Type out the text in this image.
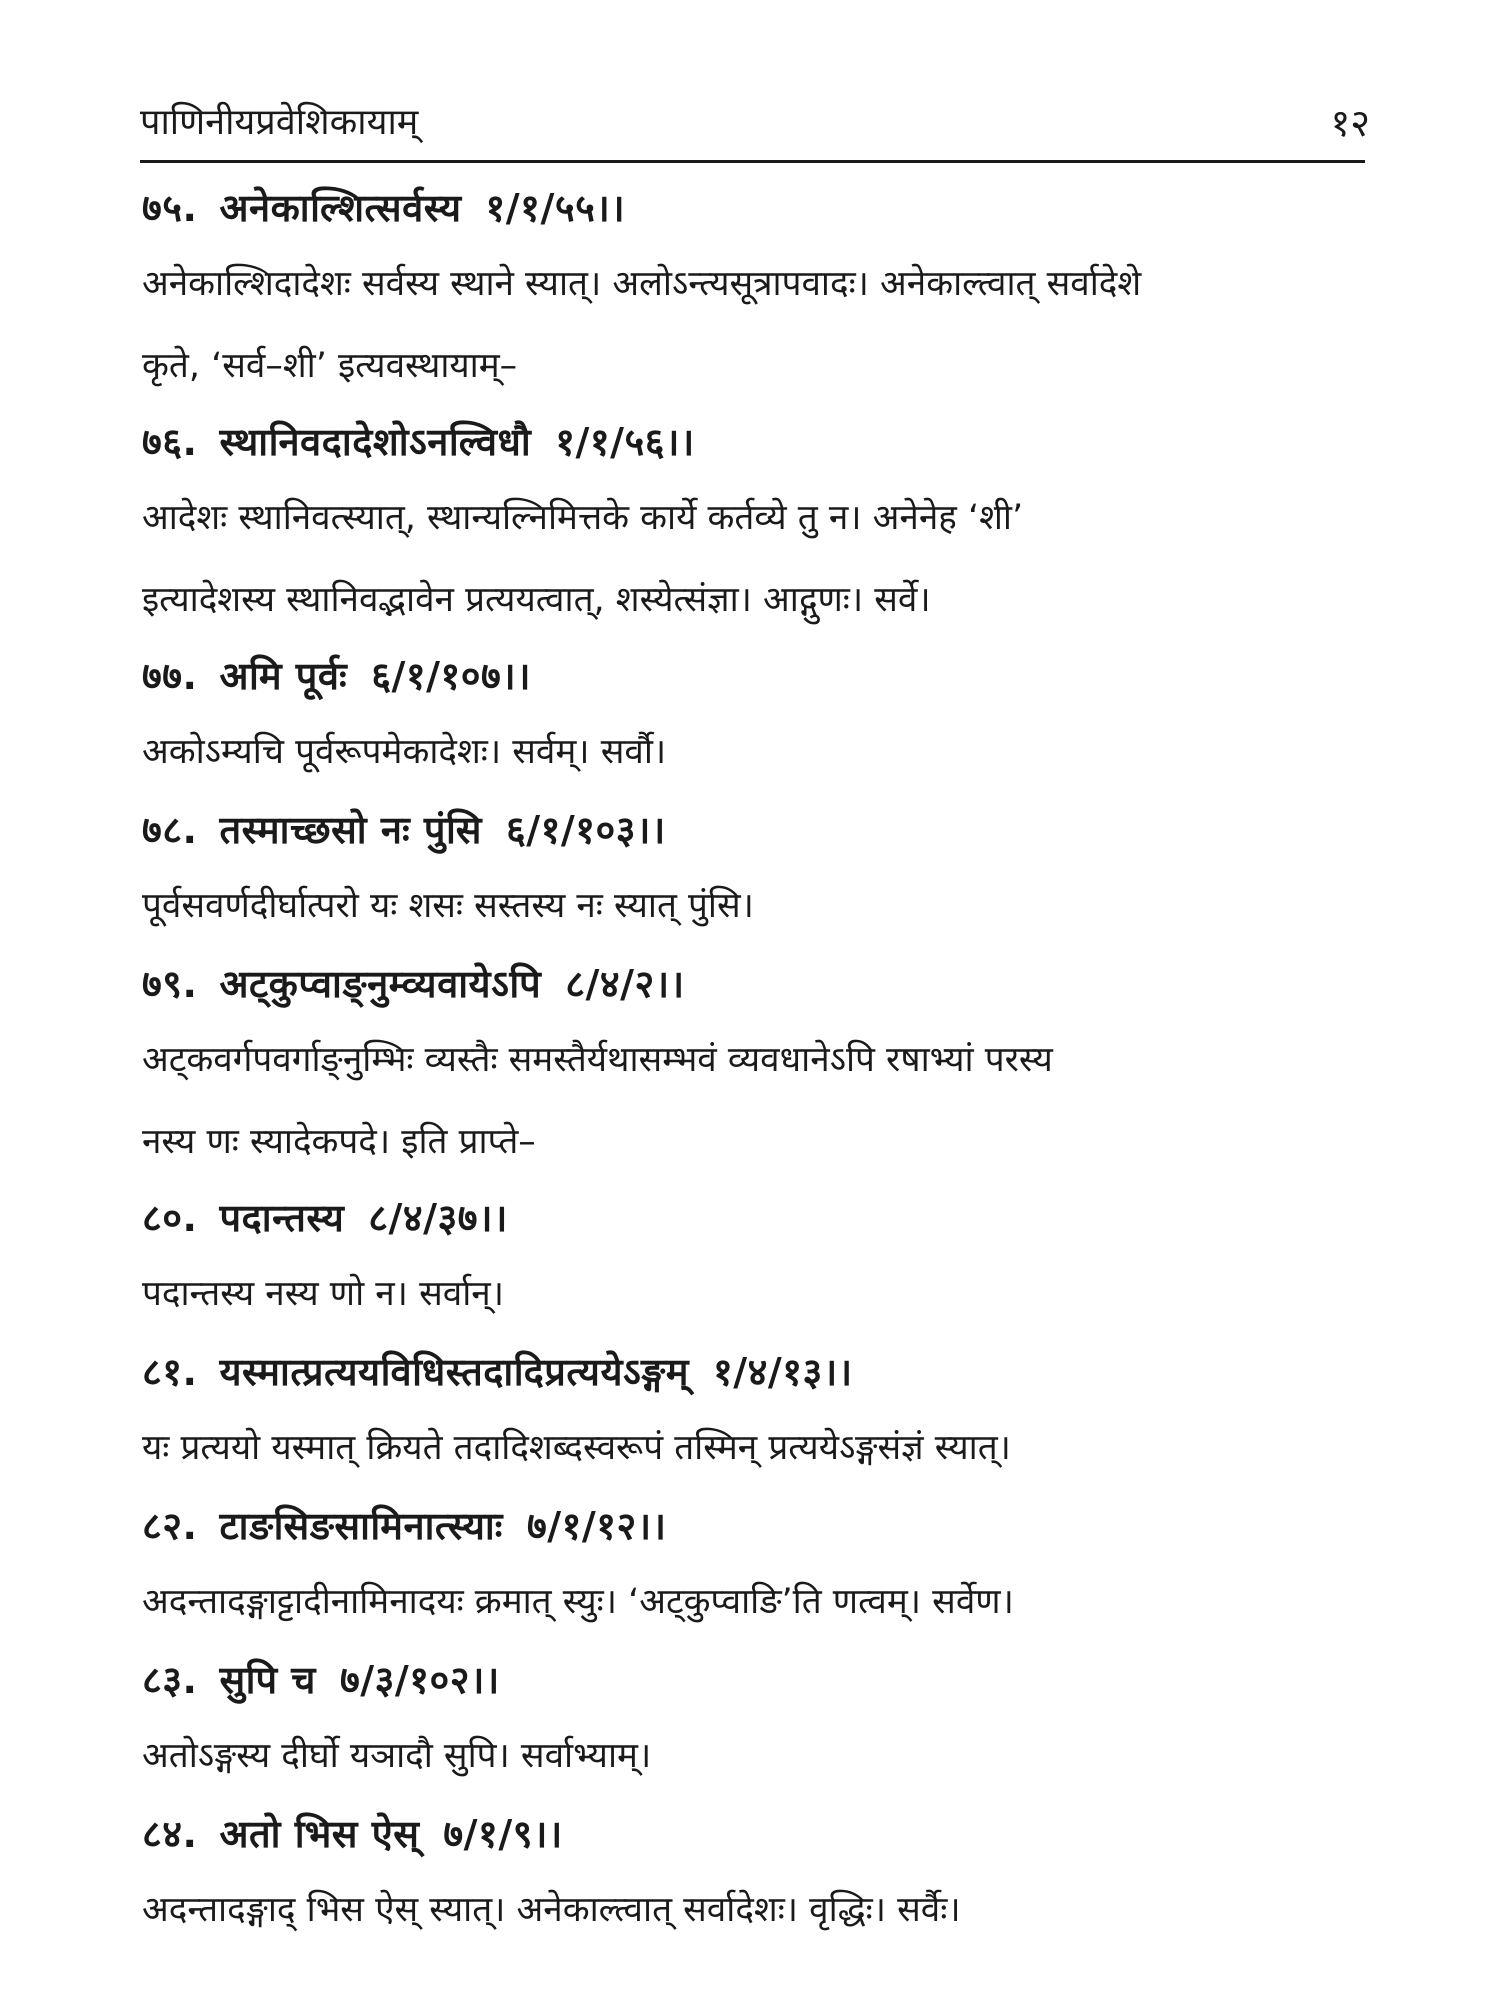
पाणिनीयप्रवेशिकायाम्	१२
७५. अनेकाल्शित्सर्वस्य १/१/५५।।
अनेकाल्शिदादेशः सर्वस्य स्थाने स्यात्। अलोऽन्त्यसूत्रापवादः। अनेकाल्त्वात् सर्वादेशे
कृते, ‘सर्व–शी’ इत्यवस्थायाम्–
७६. स्थानिवदादेशोऽनल्विधौ १/१/५६।।
आदेशः स्थानिवत्स्यात्, स्थान्यल्निमित्तके कार्ये कर्तव्ये तु न। अनेनेह ‘शी’
इत्यादेशस्य स्थानिवद्भावेन प्रत्ययत्वात्, शस्येत्संज्ञा। आद्गुणः। सर्वे।
७७. अमि पूर्वः ६/१/१०७।।
अकोऽम्यचि पूर्वरूपमेकादेशः। सर्वम्। सर्वौ।
७८. तस्माच्छसो नः पुंसि ६/१/१०३।।
पूर्वसवर्णदीर्घात्परो यः शसः सस्तस्य नः स्यात् पुंसि।
७९. अट्कुप्वाङ्नुम्व्यवायेऽपि ८/४/२।।
अट्कवर्गपवर्गाङ्नुम्भिः व्यस्तैः समस्तैर्यथासम्भवं व्यवधानेऽपि रषाभ्यां परस्य
नस्य णः स्यादेकपदे। इति प्राप्ते–
८०. पदान्तस्य ८/४/३७।।
पदान्तस्य नस्य णो न। सर्वान्।
८१. यस्मात्प्रत्ययविधिस्तदादिप्रत्ययेऽङ्गम् १/४/१३।।
यः प्रत्ययो यस्मात् क्रियते तदादिशब्दस्वरूपं तस्मिन् प्रत्ययेऽङ्गसंज्ञं स्यात्।
८२. टाङसिङसामिनात्स्याः ७/१/१२।।
अदन्तादङ्गाट्टादीनामिनादयः क्रमात् स्युः। ‘अट्कुप्वाङि’ति णत्वम्। सर्वेण।
८३. सुपि च ७/३/१०२।।
अतोऽङ्गस्य दीर्घो यञादौ सुपि। सर्वाभ्याम्।
८४. अतो भिस ऐस् ७/१/९।।
अदन्तादङ्गाद् भिस ऐस् स्यात्। अनेकाल्त्वात् सर्वादेशः। वृद्धिः। सर्वैः।
